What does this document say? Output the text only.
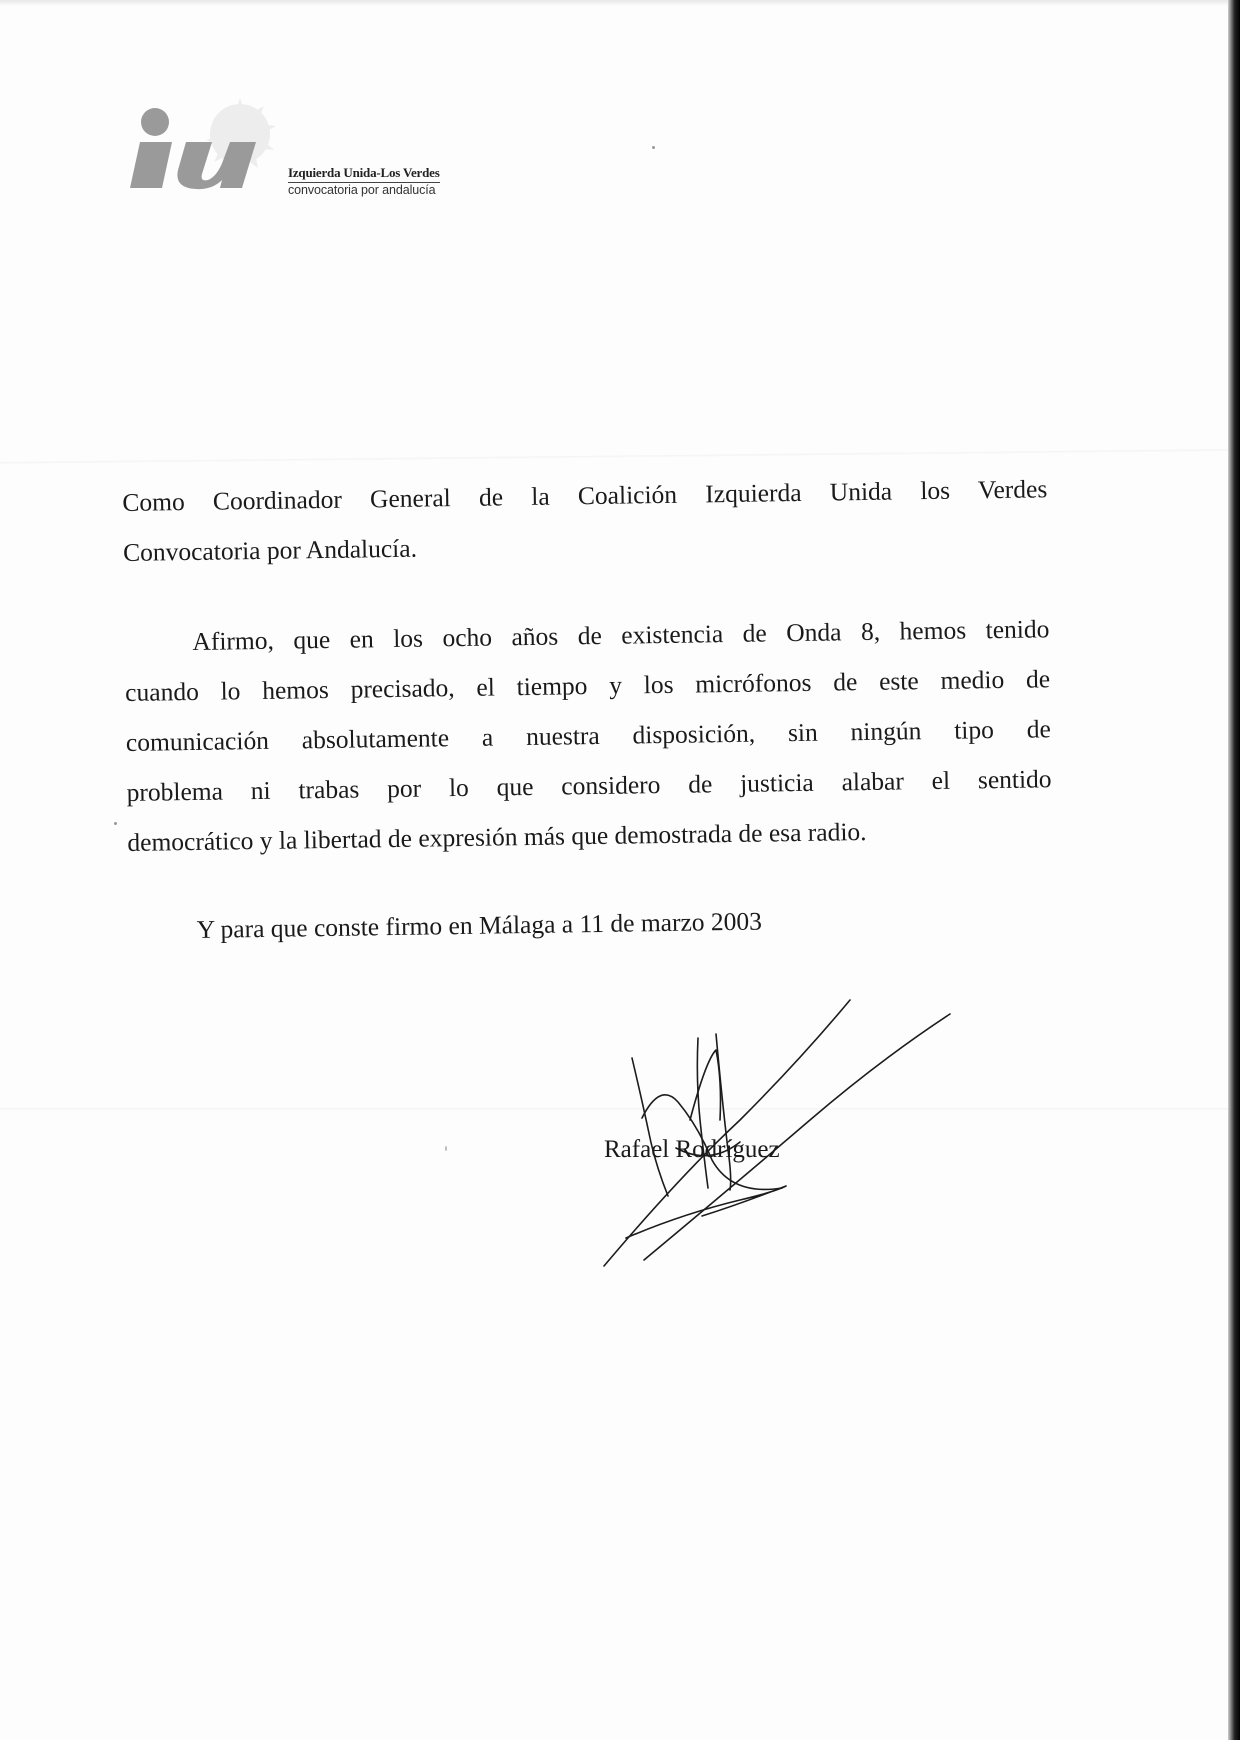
Izquierda Unida-Los Verdes
convocatoria por andalucía
Como Coordinador General de la Coalición Izquierda Unida los Verdes
Convocatoria por Andalucía.
Afirmo, que en los ocho años de existencia de Onda 8, hemos tenido
cuando lo hemos precisado, el tiempo y los micrófonos de este medio de
comunicación absolutamente a nuestra disposición, sin ningún tipo de
problema ni trabas por lo que considero de justicia alabar el sentido
democrático y la libertad de expresión más que demostrada de esa radio.
Y para que conste firmo en Málaga a 11 de marzo 2003
Rafael Rodríguez
